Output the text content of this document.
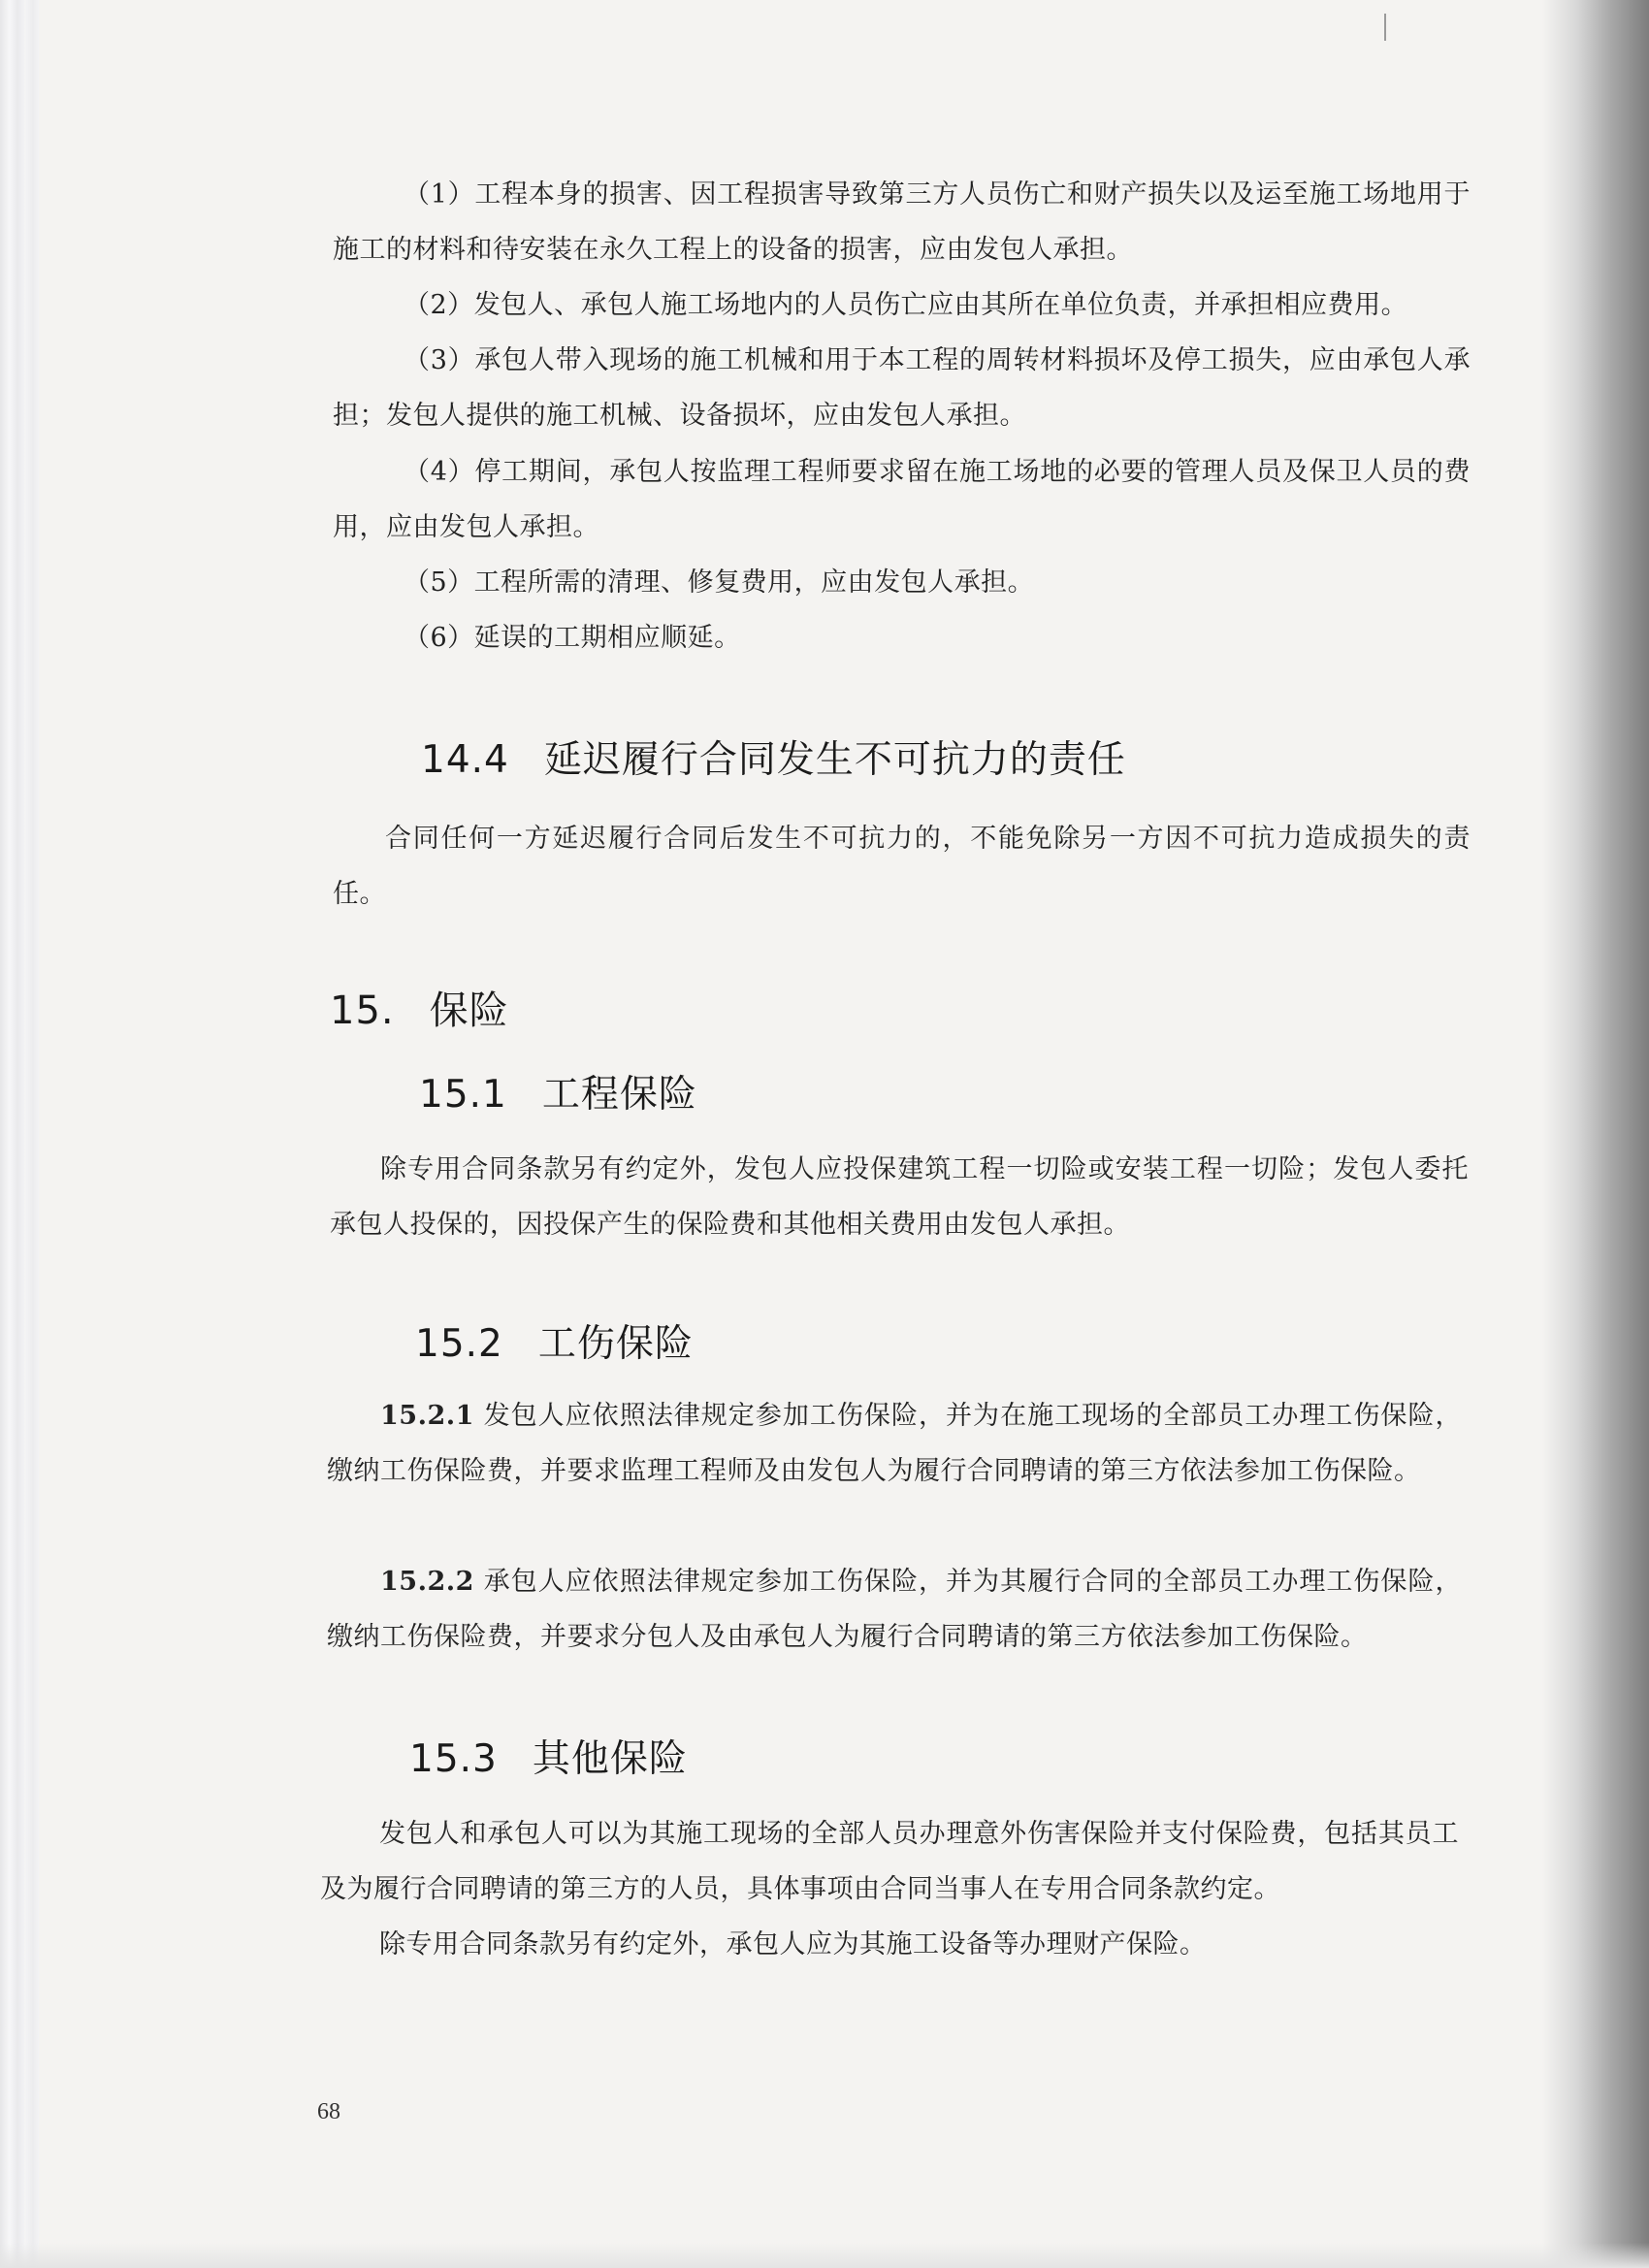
（1）工程本身的损害、因工程损害导致第三方人员伤亡和财产损失以及运至施工场地用于施工的材料和待安装在永久工程上的设备的损害，应由发包人承担。

（2）发包人、承包人施工场地内的人员伤亡应由其所在单位负责，并承担相应费用。

（3）承包人带入现场的施工机械和用于本工程的周转材料损坏及停工损失，应由承包人承担；发包人提供的施工机械、设备损坏，应由发包人承担。

（4）停工期间，承包人按监理工程师要求留在施工场地的必要的管理人员及保卫人员的费用，应由发包人承担。

（5）工程所需的清理、修复费用，应由发包人承担。

（6）延误的工期相应顺延。

14.4 延迟履行合同发生不可抗力的责任

合同任何一方延迟履行合同后发生不可抗力的，不能免除另一方因不可抗力造成损失的责任。

15. 保险
15.1 工程保险

除专用合同条款另有约定外，发包人应投保建筑工程一切险或安装工程一切险；发包人委托承包人投保的，因投保产生的保险费和其他相关费用由发包人承担。

15.2 工伤保险

15.2.1 发包人应依照法律规定参加工伤保险，并为在施工现场的全部员工办理工伤保险，缴纳工伤保险费，并要求监理工程师及由发包人为履行合同聘请的第三方依法参加工伤保险。

15.2.2 承包人应依照法律规定参加工伤保险，并为其履行合同的全部员工办理工伤保险，缴纳工伤保险费，并要求分包人及由承包人为履行合同聘请的第三方依法参加工伤保险。

15.3 其他保险

发包人和承包人可以为其施工现场的全部人员办理意外伤害保险并支付保险费，包括其员工及为履行合同聘请的第三方的人员，具体事项由合同当事人在专用合同条款约定。

除专用合同条款另有约定外，承包人应为其施工设备等办理财产保险。

68
